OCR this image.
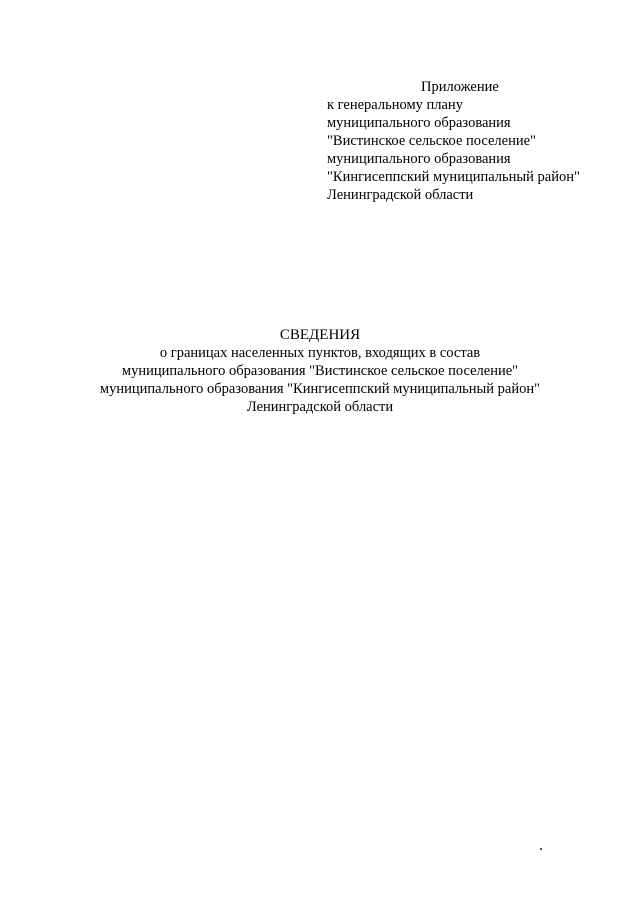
Приложение
к генеральному плану
муниципального образования
"Вистинское сельское поселение"
муниципального образования
"Кингисеппский муниципальный район"
Ленинградской области
СВЕДЕНИЯ
о границах населенных пунктов, входящих в состав
муниципального образования "Вистинское сельское поселение"
муниципального образования "Кингисеппский муниципальный район"
Ленинградской области
